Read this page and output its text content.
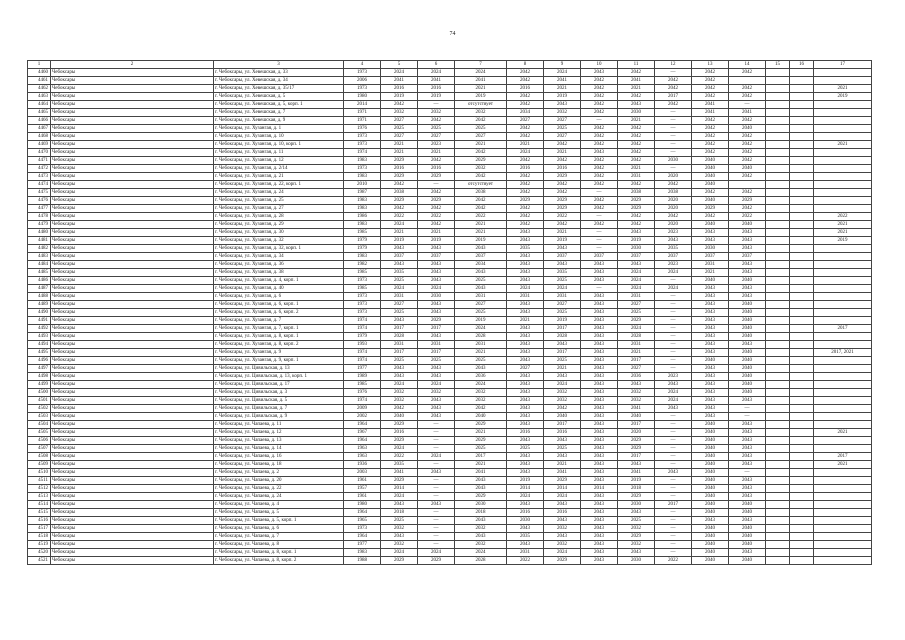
74
1	2	3	4	5	6	7	8	9	10	11	12	13	14	15	16	17
4460	Чебоксары	г. Чебоксары, ул. Хевешская, д. 33	1973	2024	2024	2024	2042	2024	2043	2042	—	2042	2042			
4461	Чебоксары	г. Чебоксары, ул. Хевешская, д. 34	2006	2041	2041	2041	2042	2041	2042	2041	2042	2042				
4462	Чебоксары	г. Чебоксары, ул. Хевешская, д. 35/17	1973	2016	2016	2021	2016	2021	2042	2021	2042	2042	2042			2021
4463	Чебоксары	г. Чебоксары, ул. Хевешская, д. 5	1980	2019	2019	2019	2042	2019	2042	2042	2017	2042	2042			2019
4464	Чебоксары	г. Чебоксары, ул. Хевешская, д. 5, корп. 1	2014	2042	—	отсутствует	2042	2043	2042	2043	2042	2041	—			
4465	Чебоксары	г. Чебоксары, ул. Хевешская, д. 7	1971	2032	2032	2032	2034	2032	2042	2030	—	2041	2041			
4466	Чебоксары	г. Чебоксары, ул. Хевешская, д. 9	1971	2027	2042	2042	2027	2027	—	2021	—	2042	2042			
4467	Чебоксары	г. Чебоксары, ул. Хузангая, д. 1	1976	2025	2025	2025	2042	2025	2042	2042	—	2042	2040			
4468	Чебоксары	г. Чебоксары, ул. Хузангая, д. 10	1973	2027	2027	2027	2042	2027	2042	2042	—	2042	2042			
4469	Чебоксары	г. Чебоксары, ул. Хузангая, д. 10, корп. 1	1973	2021	2023	2021	2021	2042	2042	2042	—	2042	2042			2021
4470	Чебоксары	г. Чебоксары, ул. Хузангая, д. 11	1974	2021	2021	2042	2024	2021	2043	2042	—	2042	2042			
4471	Чебоксары	г. Чебоксары, ул. Хузангая, д. 12	1983	2029	2042	2029	2042	2042	2042	2042	2030	2040	2042			
4472	Чебоксары	г. Чебоксары, ул. Хузангая, д. 2/14	1973	2016	2016	2032	2016	2016	2042	2021	—	2040	2040			
4473	Чебоксары	г. Чебоксары, ул. Хузангая, д. 21	1983	2029	2029	2042	2042	2029	2042	2031	2020	2040	2042			
4474	Чебоксары	г. Чебоксары, ул. Хузангая, д. 22, корп. 1	2010	2042	—	отсутствует	2042	2042	2042	2042	2042	2040				
4475	Чебоксары	г. Чебоксары, ул. Хузангая, д. 24	1987	2038	2042	2038	2042	2042	—	2038	2038	2042	2042			
4476	Чебоксары	г. Чебоксары, ул. Хузангая, д. 25	1983	2029	2029	2042	2029	2029	2042	2029	2020	2040	2029			
4477	Чебоксары	г. Чебоксары, ул. Хузангая, д. 27	1983	2042	2042	2042	2042	2029	2042	2029	2020	2029	2042			
4478	Чебоксары	г. Чебоксары, ул. Хузангая, д. 28	1986	2022	2022	2022	2042	2022	—	2042	2042	2042	2022			2022
4479	Чебоксары	г. Чебоксары, ул. Хузангая, д. 29	1983	2024	2042	2021	2042	2042	2042	2042	2020	2040	2040			2021
4480	Чебоксары	г. Чебоксары, ул. Хузангая, д. 30	1985	2021	2021	2021	2043	2021	—	2043	2023	2043	2043			2021
4481	Чебоксары	г. Чебоксары, ул. Хузангая, д. 32	1979	2019	2019	2019	2043	2019	—	2019	2043	2043	2043			2019
4482	Чебоксары	г. Чебоксары, ул. Хузангая, д. 32, корп. 1	1979	2043	2043	2043	2035	2043	—	2030	2035	2030	2043			
4483	Чебоксары	г. Чебоксары, ул. Хузангая, д. 34	1983	2037	2037	2037	2043	2037	2037	2037	2037	2037	2037			
4484	Чебоксары	г. Чебоксары, ул. Хузангая, д. 36	1982	2043	2043	2034	2043	2043	2043	2043	2023	2031	2043			
4485	Чебоксары	г. Чебоксары, ул. Хузангая, д. 38	1985	2035	2043	2043	2043	2035	2043	2024	2024	2021	2043			
4486	Чебоксары	г. Чебоксары, ул. Хузангая, д. 4, корп. 1	1973	2025	2043	2025	2043	2025	2043	2024	—	2040	2040			
4487	Чебоксары	г. Чебоксары, ул. Хузангая, д. 40	1985	2024	2024	2043	2024	2024	—	2024	2024	2043	2043			
4488	Чебоксары	г. Чебоксары, ул. Хузангая, д. 6	1973	2031	2030	2031	2031	2031	2043	2031	—	2043	2043			
4489	Чебоксары	г. Чебоксары, ул. Хузангая, д. 6, корп. 1	1973	2027	2043	2027	2043	2027	2043	2027	—	2043	2040			
4490	Чебоксары	г. Чебоксары, ул. Хузангая, д. 6, корп. 2	1973	2025	2043	2025	2043	2025	2043	2025	—	2043	2040			
4491	Чебоксары	г. Чебоксары, ул. Хузангая, д. 7	1974	2043	2029	2019	2021	2019	2043	2029	—	2043	2040			
4492	Чебоксары	г. Чебоксары, ул. Хузангая, д. 7, корп. 1	1974	2017	2017	2024	2043	2017	2043	2024	—	2043	2040			2017
4493	Чебоксары	г. Чебоксары, ул. Хузангая, д. 8, корп. 1	1979	2028	2043	2028	2043	2028	2043	2028	—	2043	2040			
4494	Чебоксары	г. Чебоксары, ул. Хузангая, д. 8, корп. 2	1993	2031	2031	2031	2043	2043	2043	2031	—	2043	2043			
4495	Чебоксары	г. Чебоксары, ул. Хузангая, д. 9	1974	2017	2017	2021	2043	2017	2043	2021	—	2043	2040			2017, 2021
4496	Чебоксары	г. Чебоксары, ул. Хузангая, д. 9, корп. 1	1974	2025	2025	2025	2043	2025	2043	2017	—	2040	2040			
4497	Чебоксары	г. Чебоксары, ул. Цивильская, д. 13	1977	2043	2043	2043	2027	2021	2043	2027	—	2043	2040			
4498	Чебоксары	г. Чебоксары, ул. Цивильская, д. 13, корп. 1	1989	2043	2043	2036	2043	2043	2043	2036	2023	2043	2040			
4499	Чебоксары	г. Чебоксары, ул. Цивильская, д. 17	1985	2024	2024	2024	2043	2024	2043	2043	2043	2043	2040			
4500	Чебоксары	г. Чебоксары, ул. Цивильская, д. 3	1976	2032	2032	2032	2043	2032	2043	2032	2024	2043	2040			
4501	Чебоксары	г. Чебоксары, ул. Цивильская, д. 5	1974	2032	2043	2032	2043	2032	2043	2032	2024	2043	2043			
4502	Чебоксары	г. Чебоксары, ул. Цивильская, д. 7	2009	2042	2043	2042	2043	2042	2043	2041	2043	2043	—			
4503	Чебоксары	г. Чебоксары, ул. Цивильская, д. 9	2002	2040	2043	2040	2043	2040	2043	2040	—	2043	—			
4504	Чебоксары	г. Чебоксары, ул. Чапаева, д. 11	1964	2029	—	2029	2043	2017	2043	2017	—	2040	2043			
4505	Чебоксары	г. Чебоксары, ул. Чапаева, д. 12	1967	2016	—	2021	2016	2016	2043	2020	—	2040	2043			2021
4506	Чебоксары	г. Чебоксары, ул. Чапаева, д. 13	1964	2029	—	2029	2043	2043	2043	2029	—	2040	2043			
4507	Чебоксары	г. Чебоксары, ул. Чапаева, д. 14	1963	2024	—	2025	2025	2025	2043	2029	—	2040	2043			
4508	Чебоксары	г. Чебоксары, ул. Чапаева, д. 16	1963	2022	2024	2017	2043	2043	2043	2017	—	2040	2043			2017
4509	Чебоксары	г. Чебоксары, ул. Чапаева, д. 18	1936	2035	—	2021	2043	2021	2043	2043	—	2040	2043			2021
4510	Чебоксары	г. Чебоксары, ул. Чапаева, д. 2	2003	2041	2043	2041	2043	2041	2043	2041	2043	2040	—			
4511	Чебоксары	г. Чебоксары, ул. Чапаева, д. 20	1961	2029	—	2043	2019	2029	2043	2019	—	2040	2043			
4512	Чебоксары	г. Чебоксары, ул. Чапаева, д. 22	1957	2014	—	2043	2014	2014	2014	2018	—	2040	2043			
4513	Чебоксары	г. Чебоксары, ул. Чапаева, д. 24	1961	2024	—	2029	2024	2024	2043	2029	—	2040	2043			
4514	Чебоксары	г. Чебоксары, ул. Чапаева, д. 4	1980	2043	2043	2030	2043	2043	2043	2030	2017	2040	2040			
4515	Чебоксары	г. Чебоксары, ул. Чапаева, д. 5	1964	2018	—	2018	2016	2016	2043	2043	—	2040	2040			
4516	Чебоксары	г. Чебоксары, ул. Чапаева, д. 5, корп. 1	1965	2025	—	2043	2030	2043	2043	2025	—	2043	2043			
4517	Чебоксары	г. Чебоксары, ул. Чапаева, д. 6	1973	2032	—	2032	2043	2032	2043	2032	—	2040	2040			
4518	Чебоксары	г. Чебоксары, ул. Чапаева, д. 7	1964	2043	—	2043	2035	2043	2043	2029	—	2040	2040			
4519	Чебоксары	г. Чебоксары, ул. Чапаева, д. 8	1977	2032	—	2032	2043	2032	2043	2032	—	2040	2040			
4520	Чебоксары	г. Чебоксары, ул. Чапаева, д. 8, корп. 1	1983	2024	2024	2024	2031	2024	2043	2043	—	2040	2043			
4521	Чебоксары	г. Чебоксары, ул. Чапаева, д. 8, корп. 2	1988	2029	2029	2028	2022	2029	2043	2030	2022	2040	2040			
